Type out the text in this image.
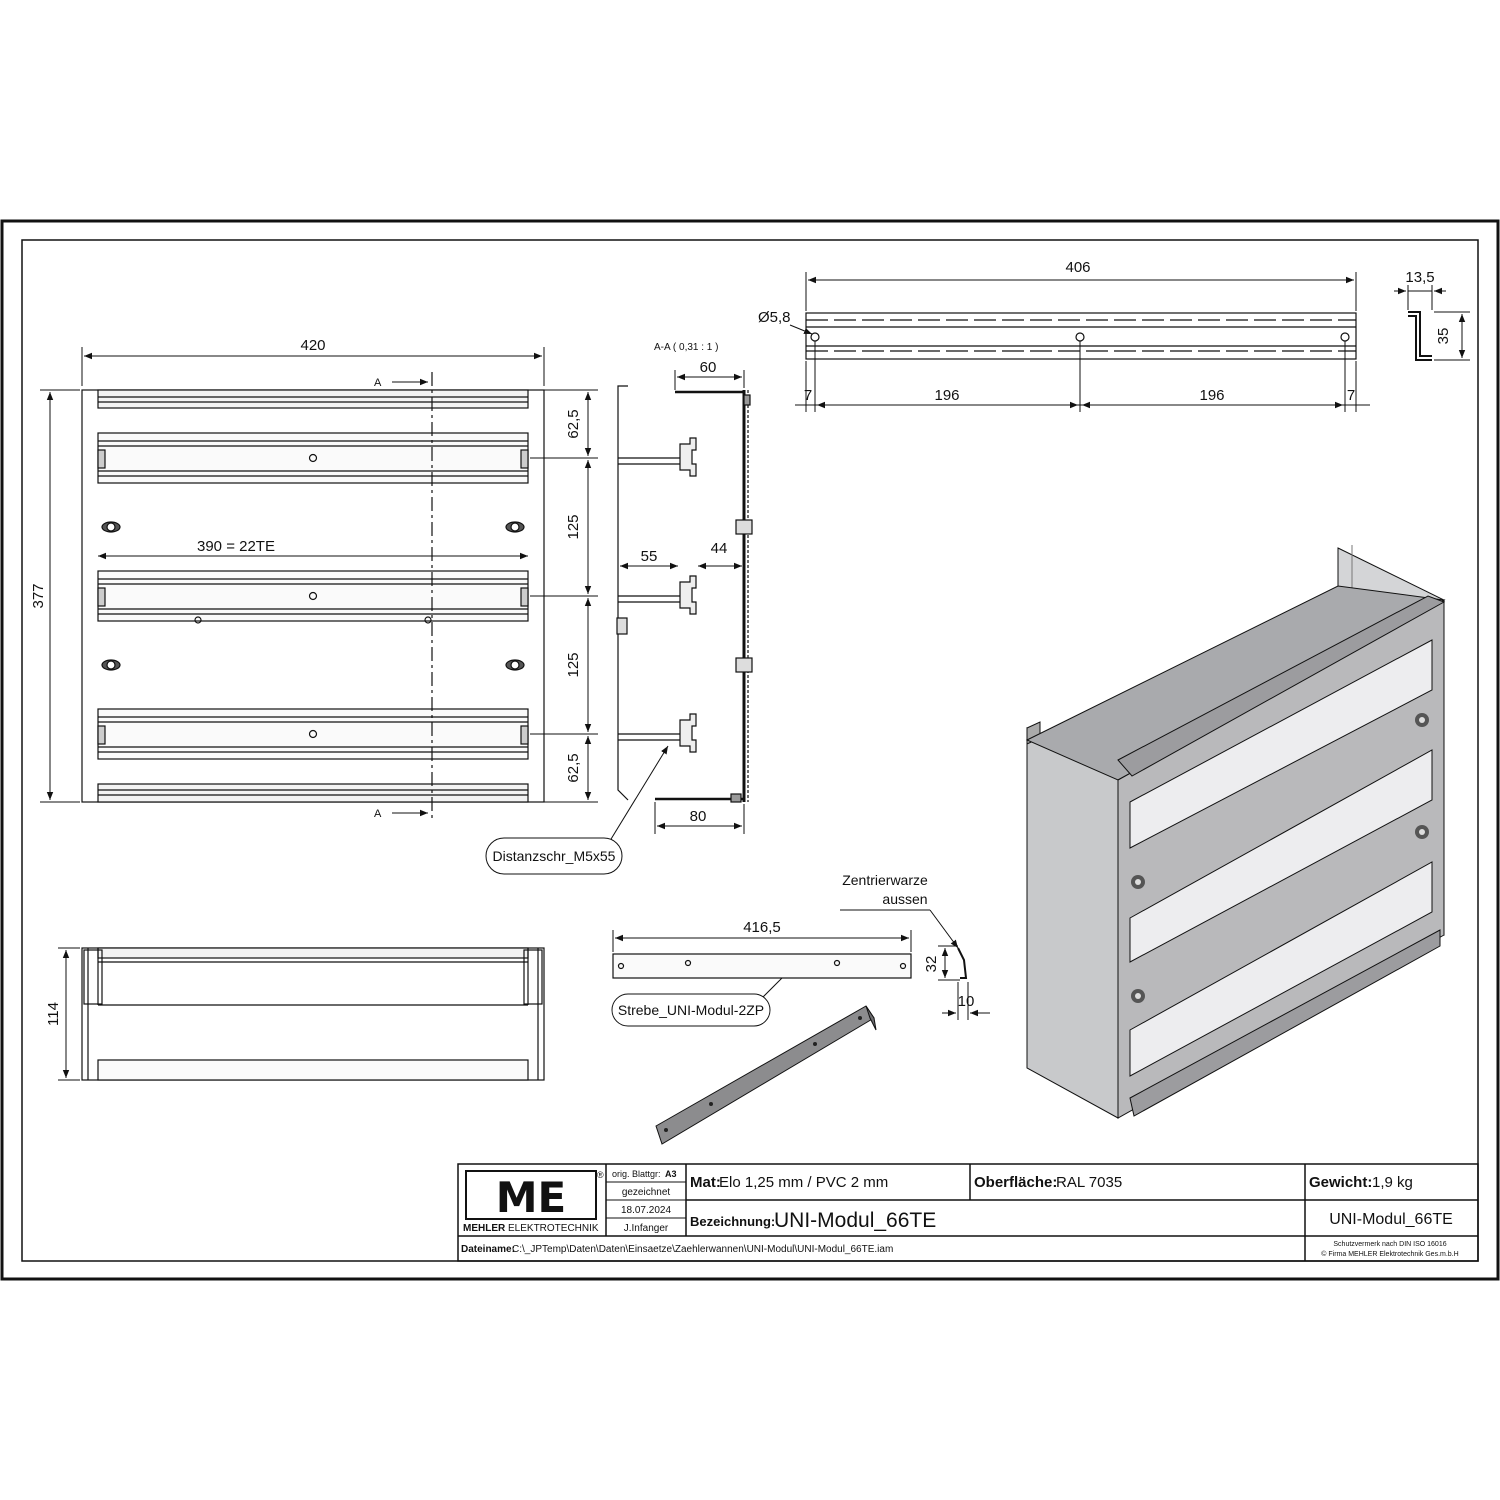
A
A
420
377
390 = 22TE
62,5
125
125
62,5
A-A ( 0,31 : 1 )
60
55	44
80
Distanzschr_M5x55
406
Ø5,8
7	196	196	7
13,5
35
114
416,5
Strebe_UNI-Modul-2ZP
Zentrierwarze
aussen
32
10
ME	®
MEHLER ELEKTROTECHNIK
orig. Blattgr: A3
gezeichnet
18.07.2024
J.Infanger
Mat:
Elo 1,25 mm / PVC 2 mm	Oberfläche:
RAL 7035	Gewicht: 1,9 kg
Bezeichnung:
UNI-Modul_66TE	UNI-Modul_66TE
Dateiname:
C:\_JPTemp\Daten\Daten\Einsaetze\Zaehlerwannen\UNI-Modul\UNI-Modul_66TE.iam	Schutzvermerk nach DIN ISO 16016
© Firma MEHLER Elektrotechnik Ges.m.b.H
